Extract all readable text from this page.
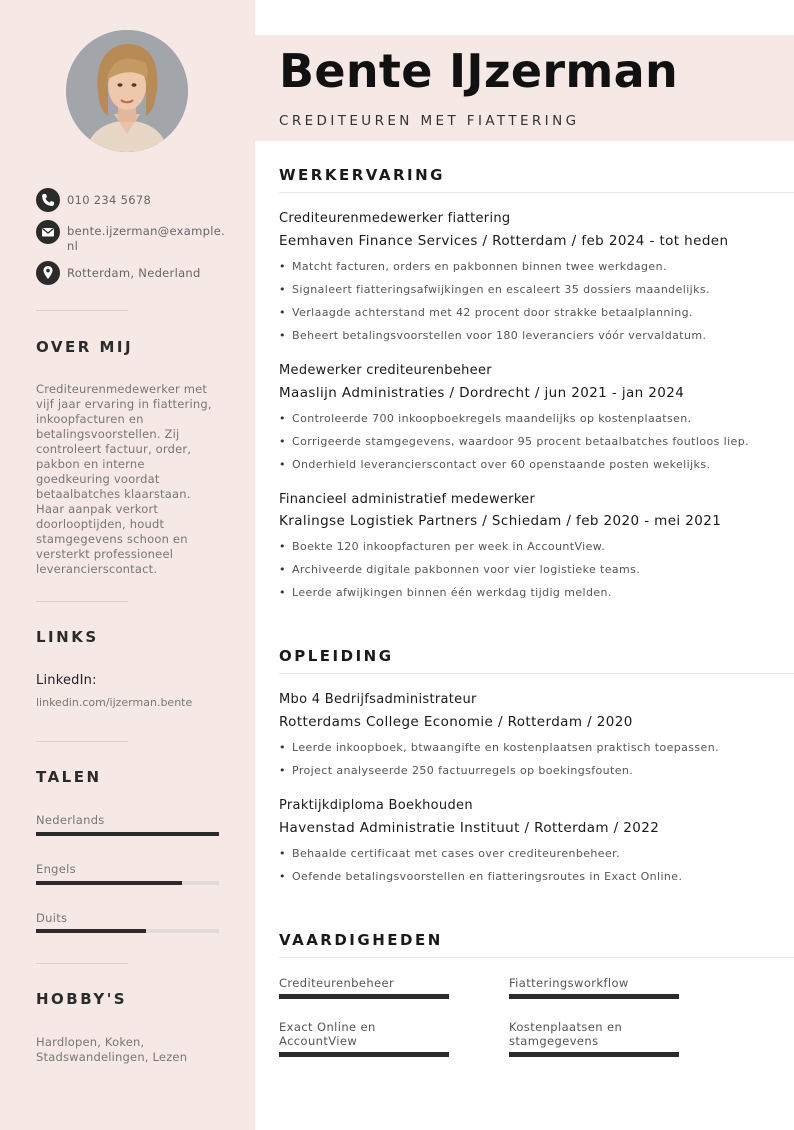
010 234 5678
bente.ijzerman@example.nl
Rotterdam, Nederland
OVER MIJ
Crediteurenmedewerker met vijf jaar ervaring in fiattering, inkoopfacturen en betalingsvoorstellen. Zij controleert factuur, order, pakbon en interne goedkeuring voordat betaalbatches klaarstaan. Haar aanpak verkort doorlooptijden, houdt stamgegevens schoon en versterkt professioneel leverancierscontact.
LINKS
LinkedIn:
linkedin.com/ijzerman.bente
TALEN
Nederlands
Engels
Duits
HOBBY'S
Hardlopen, Koken, Stadswandelingen, Lezen
Bente IJzerman
CREDITEUREN MET FIATTERING
WERKERVARING
Crediteurenmedewerker fiattering
Eemhaven Finance Services / Rotterdam / feb 2024 - tot heden
Matcht facturen, orders en pakbonnen binnen twee werkdagen.
Signaleert fiatteringsafwijkingen en escaleert 35 dossiers maandelijks.
Verlaagde achterstand met 42 procent door strakke betaalplanning.
Beheert betalingsvoorstellen voor 180 leveranciers vóór vervaldatum.
Medewerker crediteurenbeheer
Maaslijn Administraties / Dordrecht / jun 2021 - jan 2024
Controleerde 700 inkoopboekregels maandelijks op kostenplaatsen.
Corrigeerde stamgegevens, waardoor 95 procent betaalbatches foutloos liep.
Onderhield leverancierscontact over 60 openstaande posten wekelijks.
Financieel administratief medewerker
Kralingse Logistiek Partners / Schiedam / feb 2020 - mei 2021
Boekte 120 inkoopfacturen per week in AccountView.
Archiveerde digitale pakbonnen voor vier logistieke teams.
Leerde afwijkingen binnen één werkdag tijdig melden.
OPLEIDING
Mbo 4 Bedrijfsadministrateur
Rotterdams College Economie / Rotterdam / 2020
Leerde inkoopboek, btwaangifte en kostenplaatsen praktisch toepassen.
Project analyseerde 250 factuurregels op boekingsfouten.
Praktijkdiploma Boekhouden
Havenstad Administratie Instituut / Rotterdam / 2022
Behaalde certificaat met cases over crediteurenbeheer.
Oefende betalingsvoorstellen en fiatteringsroutes in Exact Online.
VAARDIGHEDEN
Crediteurenbeheer	Fiatteringsworkflow
Exact Online en AccountView
Kostenplaatsen en stamgegevens
